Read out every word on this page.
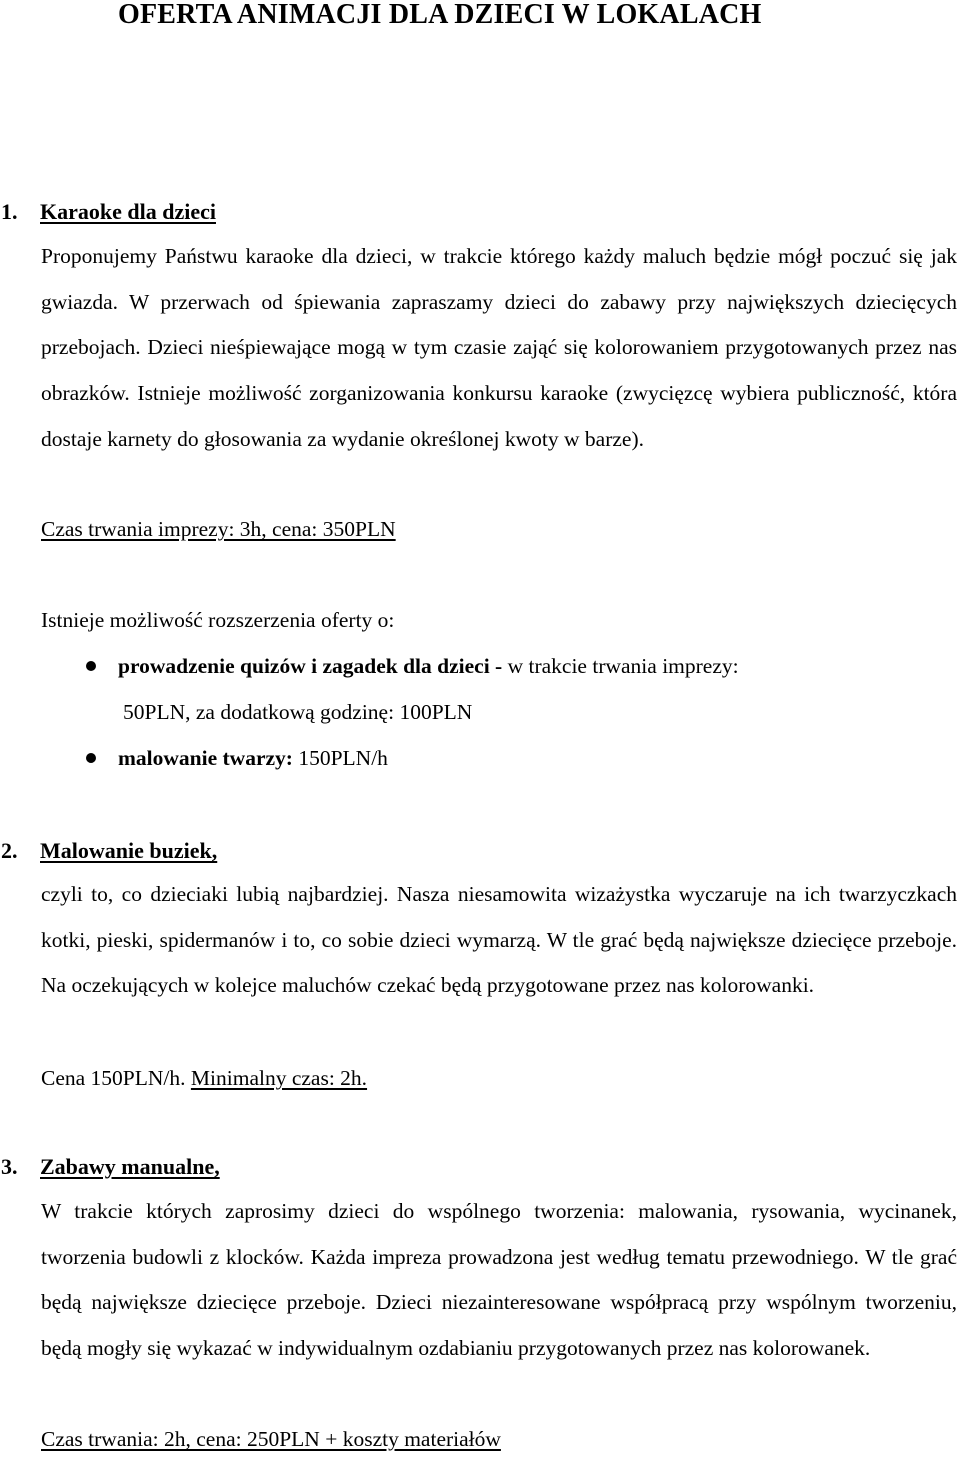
OFERTA ANIMACJI DLA DZIECI W LOKALACH
1. Karaoke dla dzieci

Proponujemy Państwu karaoke dla dzieci, w trakcie którego każdy maluch będzie mógł poczuć się jak gwiazda. W przerwach od śpiewania zapraszamy dzieci do zabawy przy największych dziecięcych przebojach. Dzieci nieśpiewające mogą w tym czasie zająć się kolorowaniem przygotowanych przez nas obrazków. Istnieje możliwość zorganizowania konkursu karaoke (zwycięzcę wybiera publiczność, która dostaje karnety do głosowania za wydanie określonej kwoty w barze).

Czas trwania imprezy: 3h, cena: 350PLN

Istnieje możliwość rozszerzenia oferty o:

prowadzenie quizów i zagadek dla dzieci - w trakcie trwania imprezy:
50PLN, za dodatkową godzinę: 100PLN
malowanie twarzy: 150PLN/h
2. Malowanie buziek,

czyli to, co dzieciaki lubią najbardziej. Nasza niesamowita wizażystka wyczaruje na ich twarzyczkach kotki, pieski, spidermanów i to, co sobie dzieci wymarzą. W tle grać będą największe dziecięce przeboje. Na oczekujących w kolejce maluchów czekać będą przygotowane przez nas kolorowanki.

Cena 150PLN/h. Minimalny czas: 2h.

3. Zabawy manualne,

W trakcie których zaprosimy dzieci do wspólnego tworzenia: malowania, rysowania, wycinanek, tworzenia budowli z klocków. Każda impreza prowadzona jest według tematu przewodniego. W tle grać będą największe dziecięce przeboje. Dzieci niezainteresowane współpracą przy wspólnym tworzeniu, będą mogły się wykazać w indywidualnym ozdabianiu przygotowanych przez nas kolorowanek.

Czas trwania: 2h, cena: 250PLN + koszty materiałów
